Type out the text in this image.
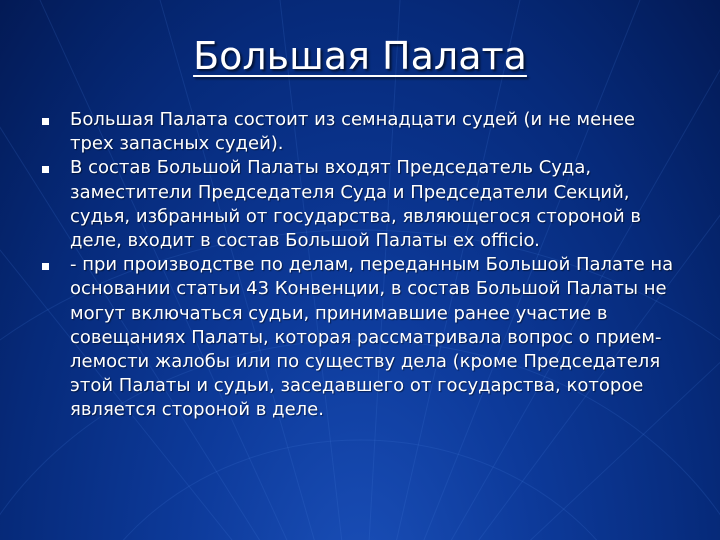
Большая Палата
Большая Палата состоит из семнадцати судей (и не менее трех запасных судей).
В состав Большой Палаты входят Председатель Суда, заместители Председателя Суда и Председатели Секций, судья, избранный от государства, являющегося стороной в деле, входит в состав Большой Палаты ex officio.
- при производстве по делам, переданным Большой Палате на основании статьи 43 Конвенции, в состав Большой Палаты не могут включаться судьи, принимавшие ранее участие в совещаниях Палаты, которая рассматривала вопрос о прием-лемости жалобы или по существу дела (кроме Председателя этой Палаты и судьи, заседавшего от государства, которое является стороной в деле.
